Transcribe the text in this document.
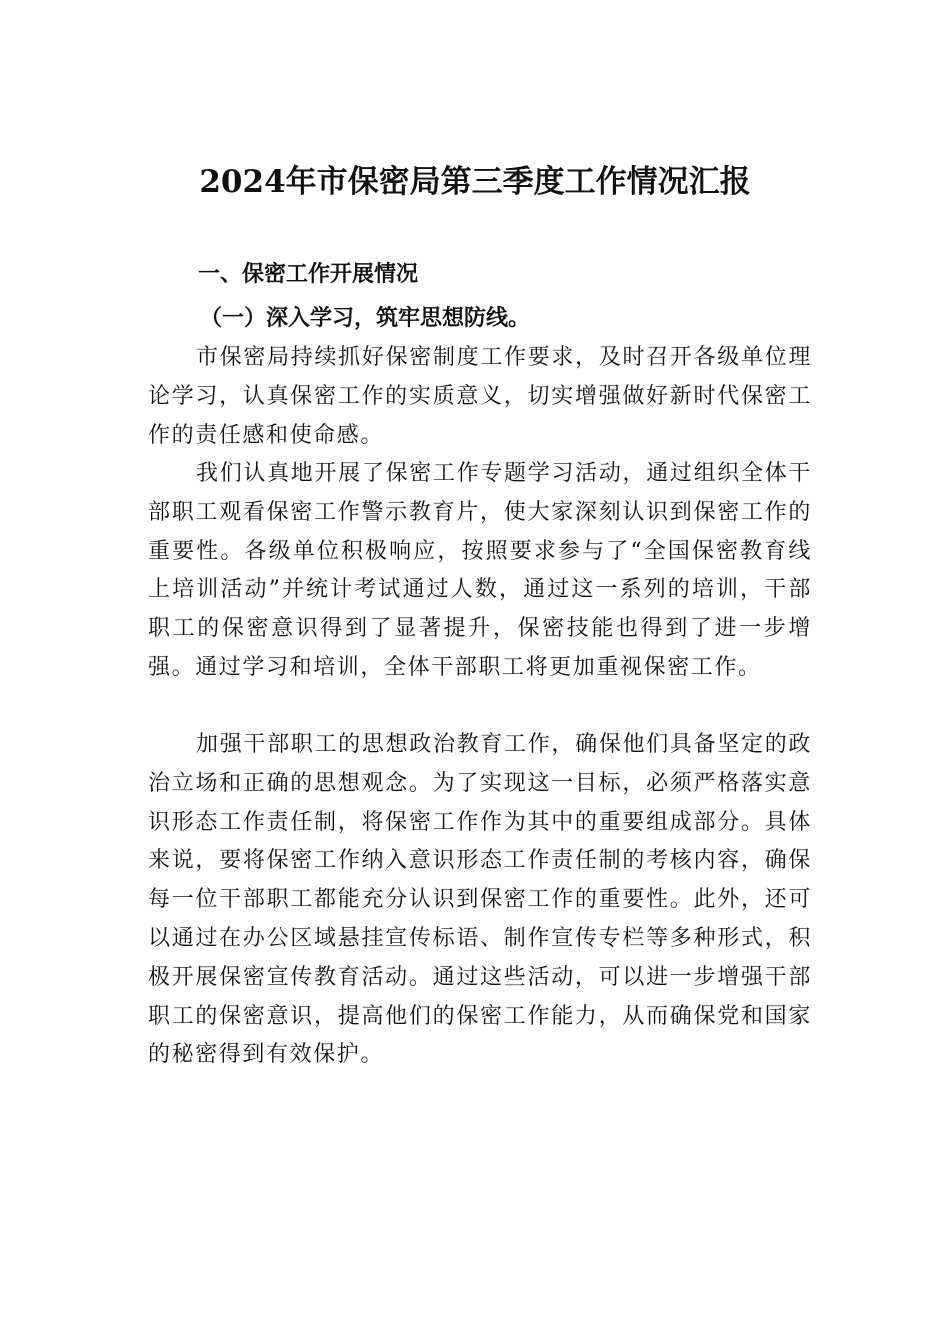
2024年市保密局第三季度工作情况汇报
一、保密工作开展情况
（一）深入学习，筑牢思想防线。

市保密局持续抓好保密制度工作要求，及时召开各级单位理论学习，认真保密工作的实质意义，切实增强做好新时代保密工作的责任感和使命感。

我们认真地开展了保密工作专题学习活动，通过组织全体干部职工观看保密工作警示教育片，使大家深刻认识到保密工作的重要性。各级单位积极响应，按照要求参与了“全国保密教育线上培训活动”并统计考试通过人数，通过这一系列的培训，干部职工的保密意识得到了显著提升，保密技能也得到了进一步增强。通过学习和培训，全体干部职工将更加重视保密工作。

加强干部职工的思想政治教育工作，确保他们具备坚定的政治立场和正确的思想观念。为了实现这一目标，必须严格落实意识形态工作责任制，将保密工作作为其中的重要组成部分。具体来说，要将保密工作纳入意识形态工作责任制的考核内容，确保每一位干部职工都能充分认识到保密工作的重要性。此外，还可以通过在办公区域悬挂宣传标语、制作宣传专栏等多种形式，积极开展保密宣传教育活动。通过这些活动，可以进一步增强干部职工的保密意识，提高他们的保密工作能力，从而确保党和国家的秘密得到有效保护。
